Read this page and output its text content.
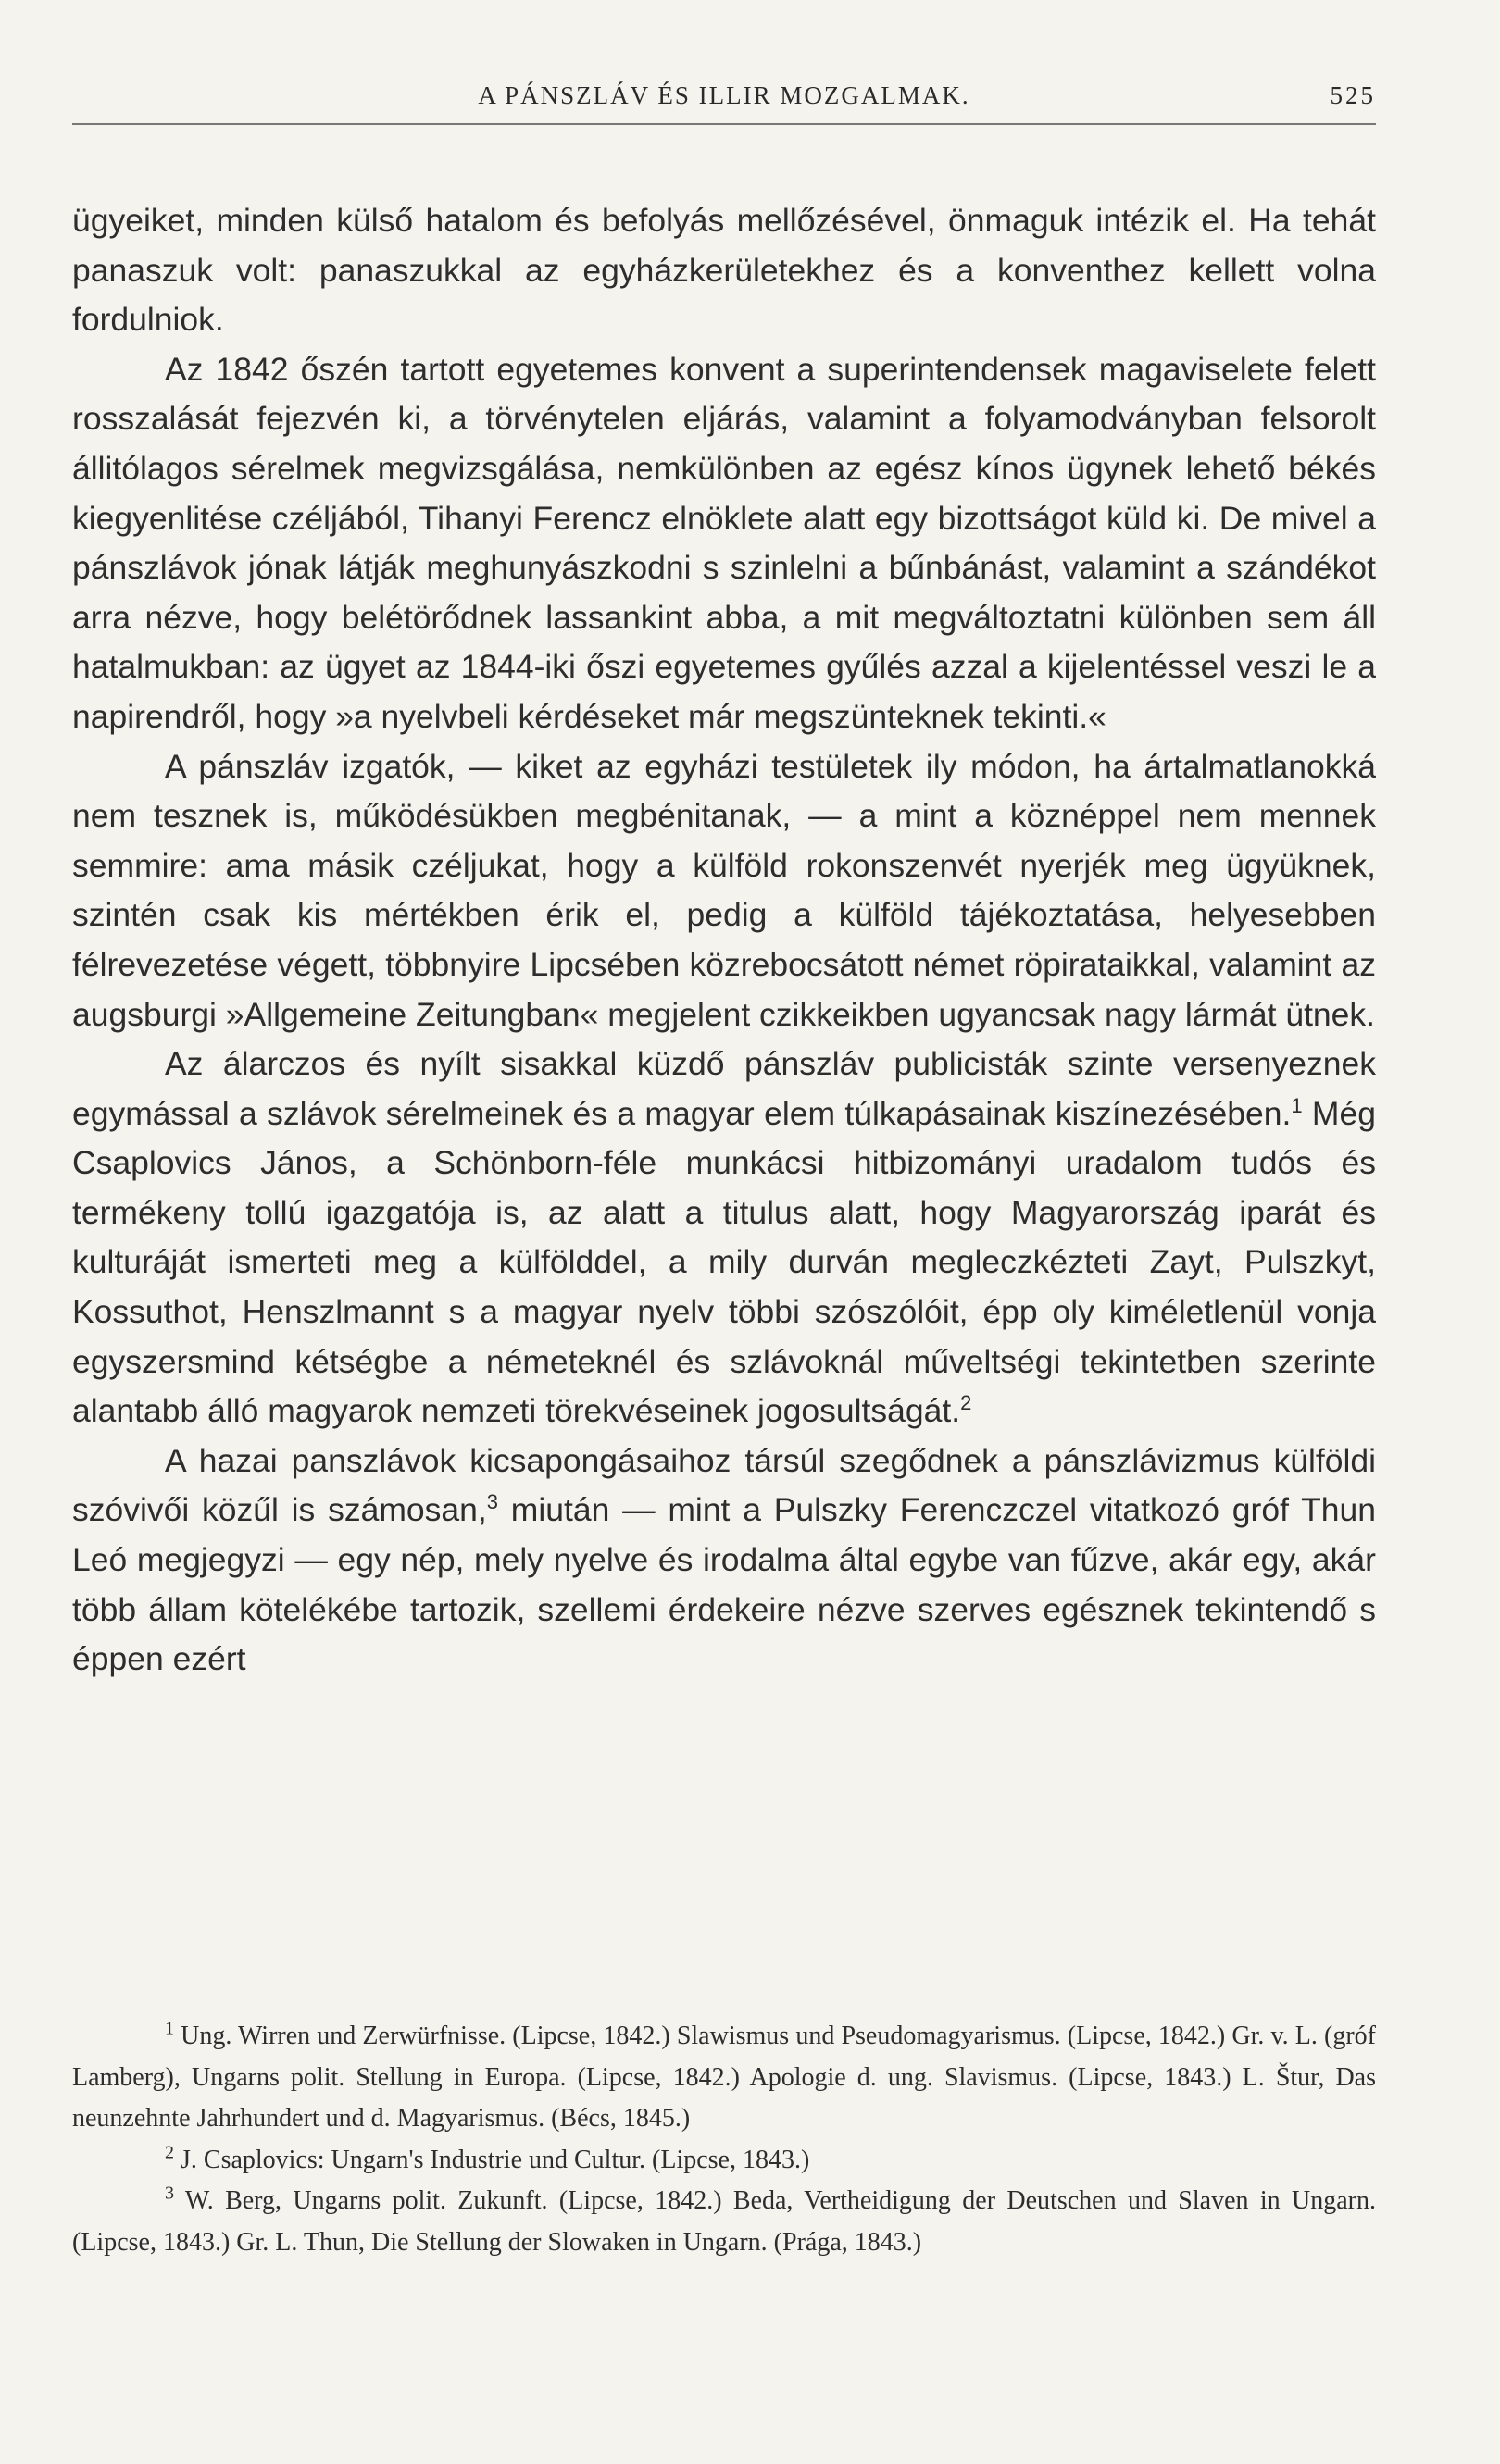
A PÁNSZLÁV ÉS ILLIR MOZGALMAK.	525

ügyeiket, minden külső hatalom és befolyás mellőzésével, önmaguk intézik el. Ha tehát panaszuk volt: panaszukkal az egyházkerületekhez és a konventhez kellett volna fordulniok.

Az 1842 őszén tartott egyetemes konvent a superintendensek magaviselete felett rosszalását fejezvén ki, a törvénytelen eljárás, valamint a folyamodványban felsorolt állitólagos sérelmek megvizsgálása, nemkülönben az egész kínos ügynek lehető békés kiegyenlitése czéljából, Tihanyi Ferencz elnöklete alatt egy bizottságot küld ki. De mivel a pánszlávok jónak látják meghunyászkodni s szinlelni a bűnbánást, valamint a szándékot arra nézve, hogy belétörődnek lassankint abba, a mit megváltoztatni különben sem áll hatalmukban: az ügyet az 1844-iki őszi egyetemes gyűlés azzal a kijelentéssel veszi le a napirendről, hogy »a nyelvbeli kérdéseket már megszünteknek tekinti.«

A pánszláv izgatók, — kiket az egyházi testületek ily módon, ha ártalmatlanokká nem tesznek is, működésükben megbénitanak, — a mint a köznéppel nem mennek semmire: ama másik czéljukat, hogy a külföld rokonszenvét nyerjék meg ügyüknek, szintén csak kis mértékben érik el, pedig a külföld tájékoztatása, helyesebben félrevezetése végett, többnyire Lipcsében közrebocsátott német röpirataikkal, valamint az augsburgi »Allgemeine Zeitungban« megjelent czikkeikben ugyancsak nagy lármát ütnek.

Az álarczos és nyílt sisakkal küzdő pánszláv publicisták szinte versenyeznek egymással a szlávok sérelmeinek és a magyar elem túlkapásainak kiszínezésében.$^1$ Még Csaplovics János, a Schönborn-féle munkácsi hitbizományi uradalom tudós és termékeny tollú igazgatója is, az alatt a titulus alatt, hogy Magyarország iparát és kulturáját ismerteti meg a külfölddel, a mily durván megleczkézteti Zayt, Pulszkyt, Kossuthot, Henszlmannt s a magyar nyelv többi szószólóit, épp oly kiméletlenül vonja egyszersmind kétségbe a németeknél és szlávoknál műveltségi tekintetben szerinte alantabb álló magyarok nemzeti törekvéseinek jogosultságát.$^2$

A hazai panszlávok kicsapongásaihoz társúl szegődnek a pánszlávizmus külföldi szóvivői közűl is számosan,$^3$ miután — mint a Pulszky Ferenczczel vitatkozó gróf Thun Leó megjegyzi — egy nép, mely nyelve és irodalma által egybe van fűzve, akár egy, akár több állam kötelékébe tartozik, szellemi érdekeire nézve szerves egésznek tekintendő s éppen ezért

$^1$ Ung. Wirren und Zerwürfnisse. (Lipcse, 1842.) Slawismus und Pseudomagyarismus. (Lipcse, 1842.) Gr. v. L. (gróf Lamberg), Ungarns polit. Stellung in Europa. (Lipcse, 1842.) Apologie d. ung. Slavismus. (Lipcse, 1843.) L. Štur, Das neunzehnte Jahrhundert und d. Magyarismus. (Bécs, 1845.)

$^2$ J. Csaplovics: Ungarn's Industrie und Cultur. (Lipcse, 1843.)

$^3$ W. Berg, Ungarns polit. Zukunft. (Lipcse, 1842.) Beda, Vertheidigung der Deutschen und Slaven in Ungarn. (Lipcse, 1843.) Gr. L. Thun, Die Stellung der Slowaken in Ungarn. (Prága, 1843.)
